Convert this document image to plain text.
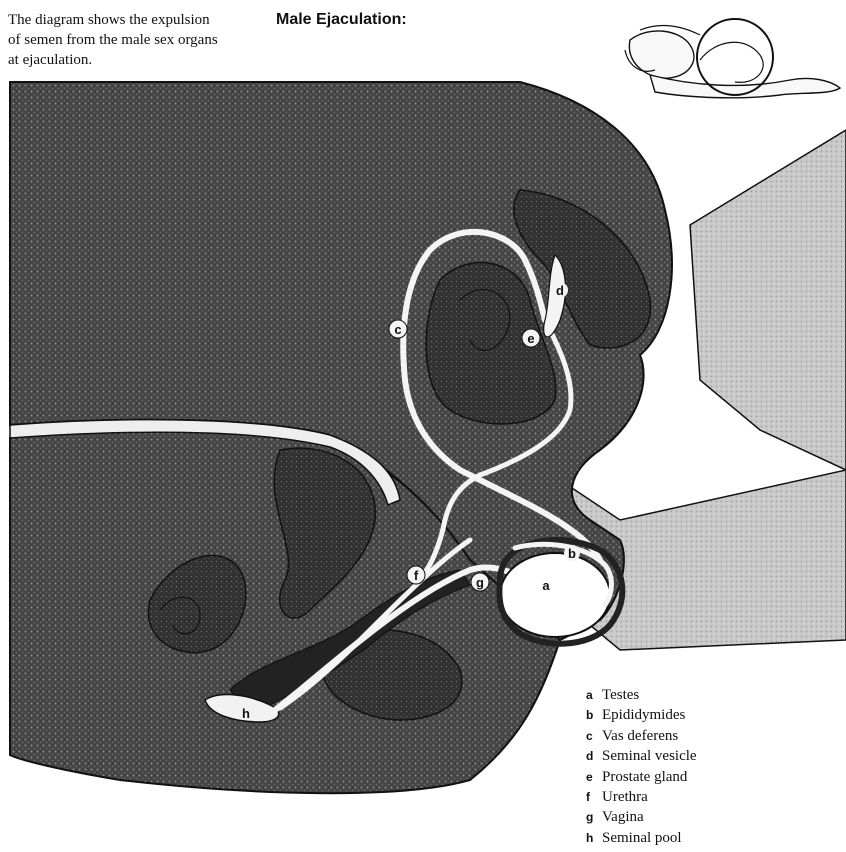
The diagram shows the expulsion
of semen from the male sex organs
at ejaculation.
Male Ejaculation:
a
b
c
d
e
f	g
h
a Testes
b Epididymides
c Vas deferens
d Seminal vesicle
e Prostate gland
f Urethra
g Vagina
h Seminal pool
